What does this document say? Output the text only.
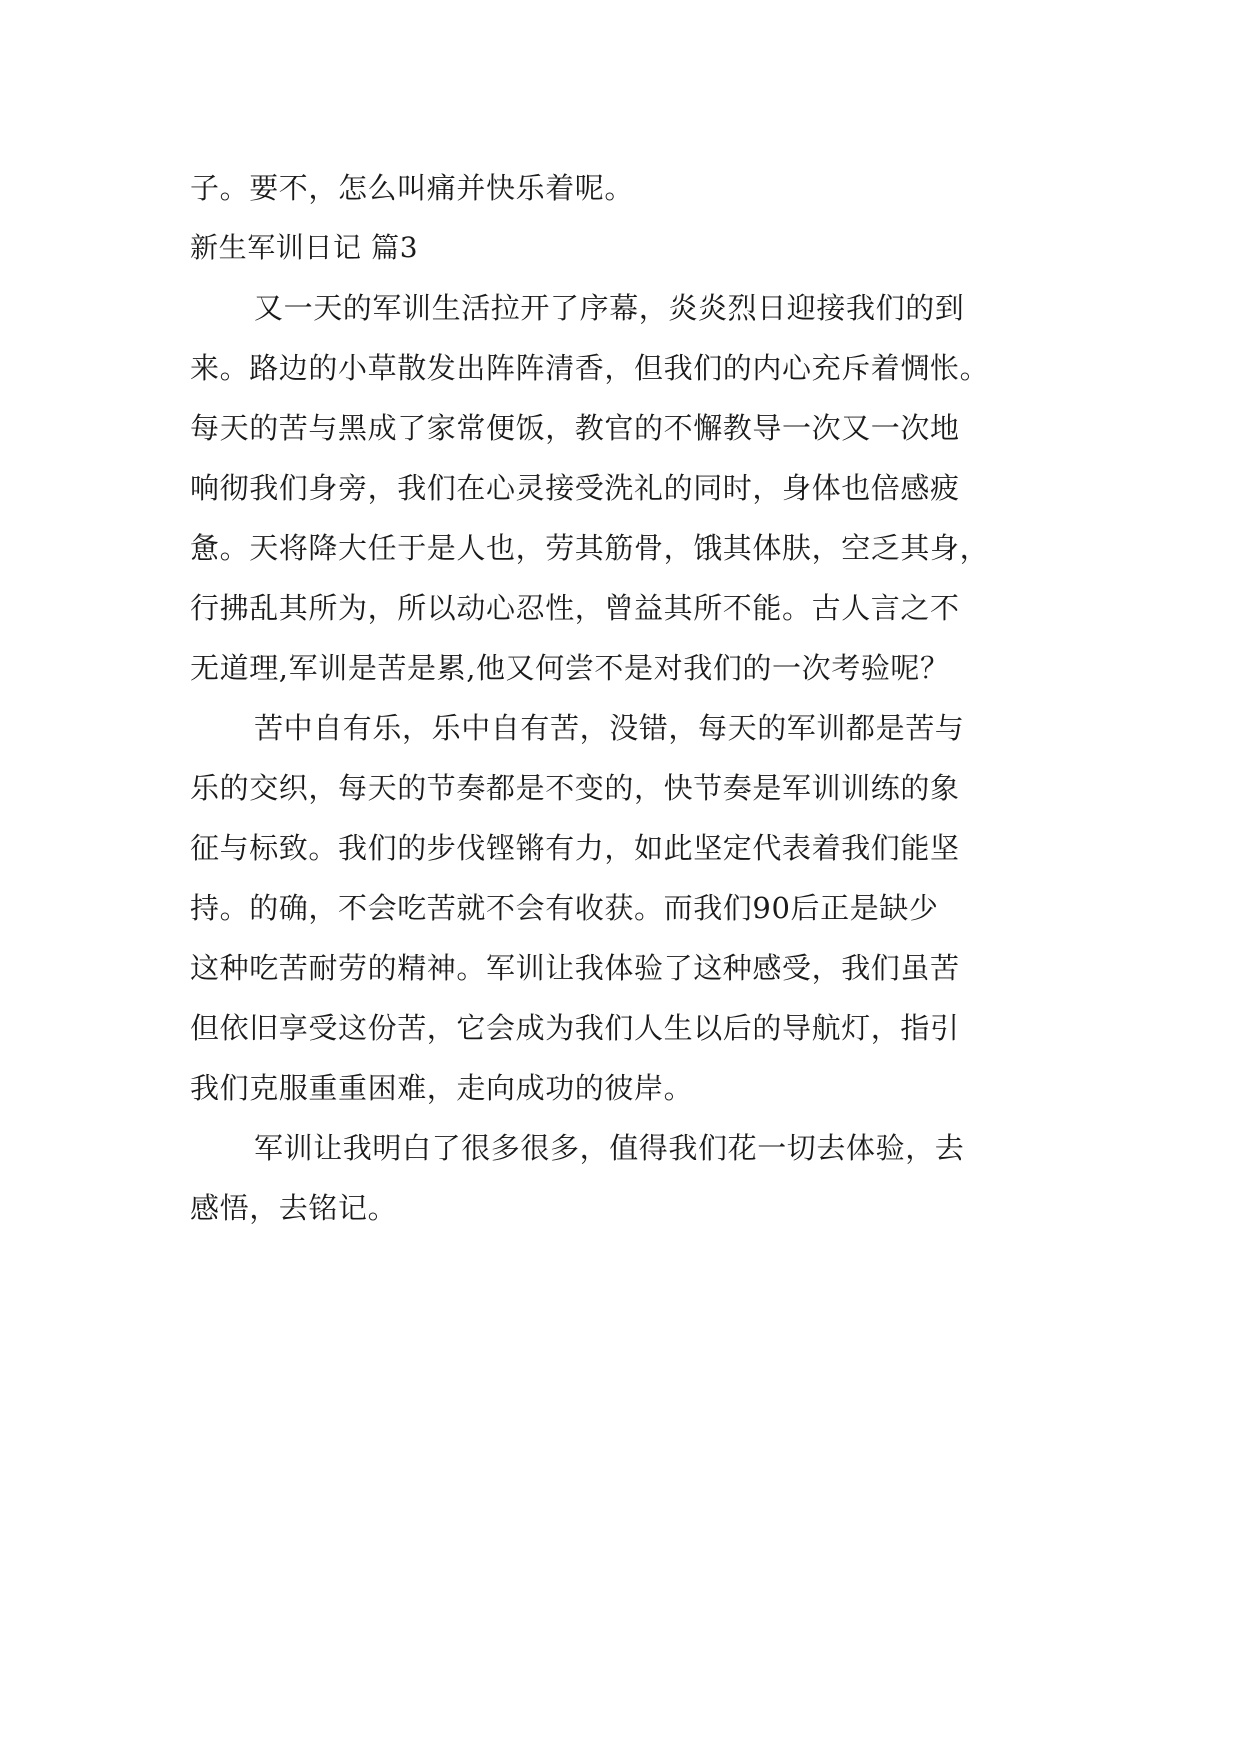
子。要不，怎么叫痛并快乐着呢。
新生军训日记 篇3
又一天的军训生活拉开了序幕，炎炎烈日迎接我们的到
来。路边的小草散发出阵阵清香，但我们的内心充斥着惆怅。
每天的苦与黑成了家常便饭，教官的不懈教导一次又一次地
响彻我们身旁，我们在心灵接受洗礼的同时，身体也倍感疲
惫。天将降大任于是人也，劳其筋骨，饿其体肤，空乏其身，
行拂乱其所为，所以动心忍性，曾益其所不能。古人言之不
无道理,军训是苦是累,他又何尝不是对我们的一次考验呢？
苦中自有乐，乐中自有苦，没错，每天的军训都是苦与
乐的交织，每天的节奏都是不变的，快节奏是军训训练的象
征与标致。我们的步伐铿锵有力，如此坚定代表着我们能坚
持。的确，不会吃苦就不会有收获。而我们90后正是缺少
这种吃苦耐劳的精神。军训让我体验了这种感受，我们虽苦
但依旧享受这份苦，它会成为我们人生以后的导航灯，指引
我们克服重重困难，走向成功的彼岸。
军训让我明白了很多很多，值得我们花一切去体验，去
感悟，去铭记。
